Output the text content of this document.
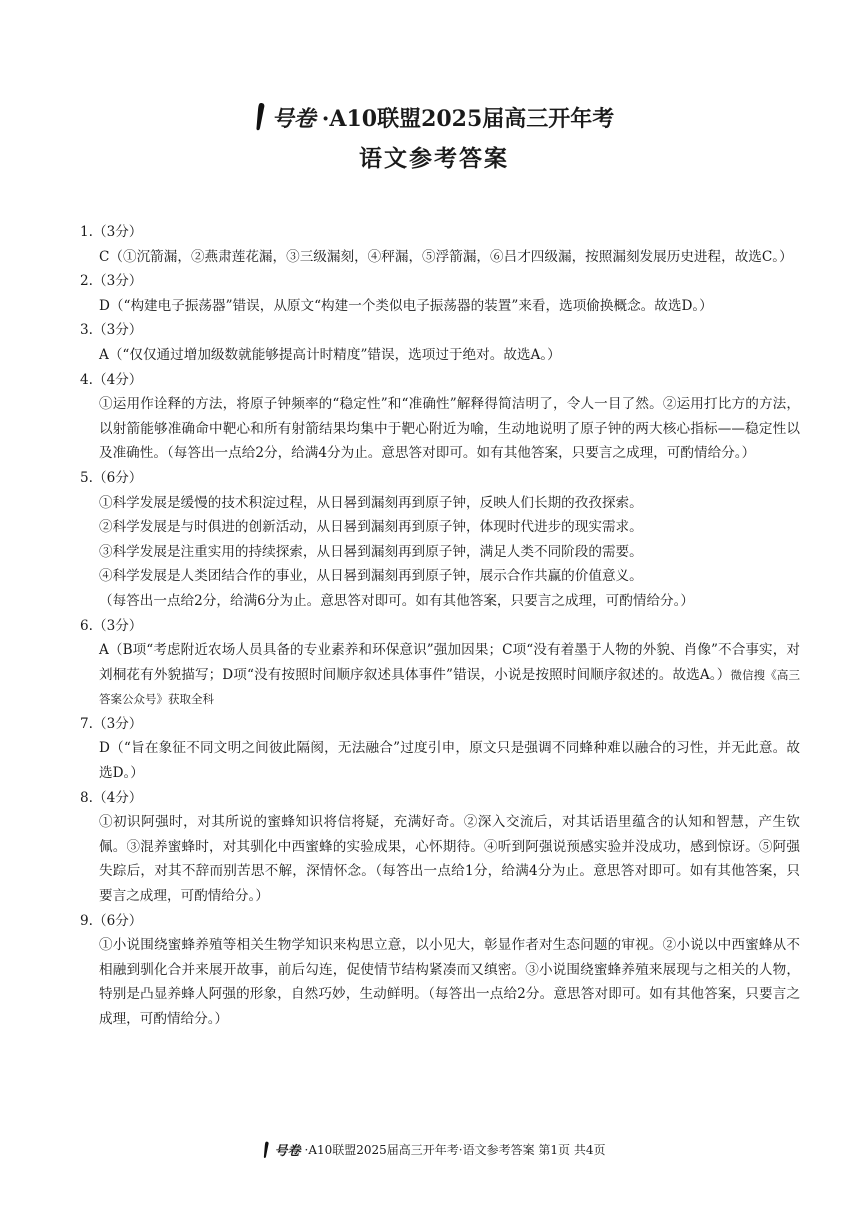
号卷 ·A10联盟2025届高三开年考
语文参考答案
1.（3分）

C（①沉箭漏，②燕肃莲花漏，③三级漏刻，④秤漏，⑤浮箭漏，⑥吕才四级漏，按照漏刻发展历史进程，故选C。）

2.（3分）

D（“构建电子振荡器”错误，从原文“构建一个类似电子振荡器的装置”来看，选项偷换概念。故选D。）

3.（3分）

A（“仅仅通过增加级数就能够提高计时精度”错误，选项过于绝对。故选A。）

4.（4分）

①运用作诠释的方法，将原子钟频率的“稳定性”和“准确性”解释得简洁明了，令人一目了然。②运用打比方的方法，以射箭能够准确命中靶心和所有射箭结果均集中于靶心附近为喻，生动地说明了原子钟的两大核心指标——稳定性以及准确性。（每答出一点给2分，给满4分为止。意思答对即可。如有其他答案，只要言之成理，可酌情给分。）

5.（6分）

①科学发展是缓慢的技术积淀过程，从日晷到漏刻再到原子钟，反映人们长期的孜孜探索。

②科学发展是与时俱进的创新活动，从日晷到漏刻再到原子钟，体现时代进步的现实需求。

③科学发展是注重实用的持续探索，从日晷到漏刻再到原子钟，满足人类不同阶段的需要。

④科学发展是人类团结合作的事业，从日晷到漏刻再到原子钟，展示合作共赢的价值意义。

（每答出一点给2分，给满6分为止。意思答对即可。如有其他答案，只要言之成理，可酌情给分。）

6.（3分）

A（B项“考虑附近农场人员具备的专业素养和环保意识”强加因果；C项“没有着墨于人物的外貌、肖像”不合事实，对刘桐花有外貌描写；D项“没有按照时间顺序叙述具体事件”错误，小说是按照时间顺序叙述的。故选A。）微信搜《高三答案公众号》获取全科

7.（3分）

D（“旨在象征不同文明之间彼此隔阂，无法融合”过度引申，原文只是强调不同蜂种难以融合的习性，并无此意。故选D。）

8.（4分）

①初识阿强时，对其所说的蜜蜂知识将信将疑，充满好奇。②深入交流后，对其话语里蕴含的认知和智慧，产生钦佩。③混养蜜蜂时，对其驯化中西蜜蜂的实验成果，心怀期待。④听到阿强说预感实验并没成功，感到惊讶。⑤阿强失踪后，对其不辞而别苦思不解，深情怀念。（每答出一点给1分，给满4分为止。意思答对即可。如有其他答案，只要言之成理，可酌情给分。）

9.（6分）

①小说围绕蜜蜂养殖等相关生物学知识来构思立意，以小见大，彰显作者对生态问题的审视。②小说以中西蜜蜂从不相融到驯化合并来展开故事，前后勾连，促使情节结构紧凑而又缜密。③小说围绕蜜蜂养殖来展现与之相关的人物，特别是凸显养蜂人阿强的形象，自然巧妙，生动鲜明。（每答出一点给2分。意思答对即可。如有其他答案，只要言之成理，可酌情给分。）

号卷 ·A10联盟2025届高三开年考·语文参考答案 第1页 共4页
